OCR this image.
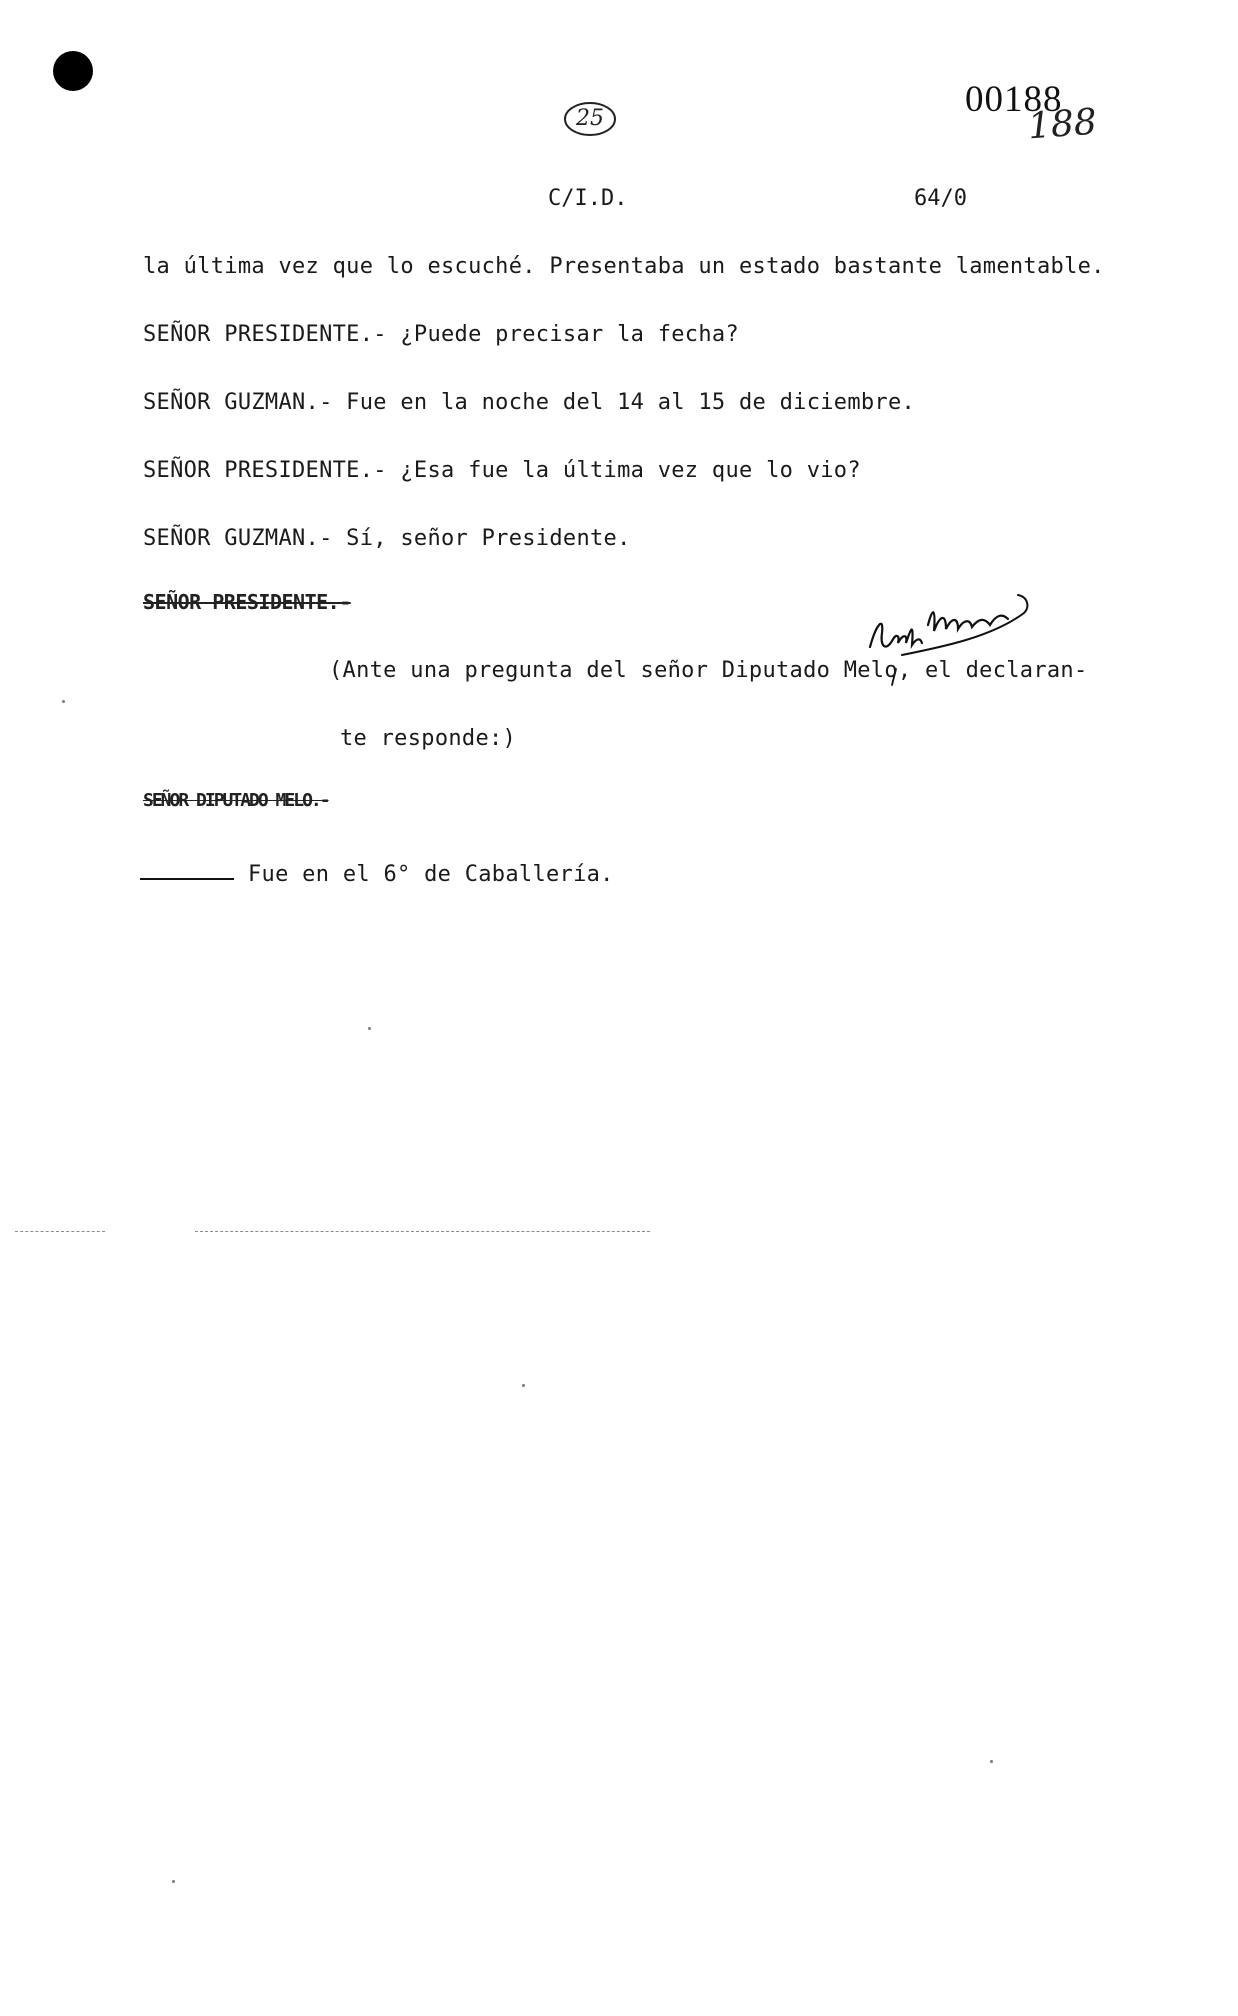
25	00188
188
C/I.D.	64/0
la última vez que lo escuché. Presentaba un estado bastante lamentable.
SEÑOR PRESIDENTE.- ¿Puede precisar la fecha?
SEÑOR GUZMAN.- Fue en la noche del 14 al 15 de diciembre.
SEÑOR PRESIDENTE.- ¿Esa fue la última vez que lo vio?
SEÑOR GUZMAN.- Sí, señor Presidente.
SEÑOR PRESIDENTE.-
(Ante una pregunta del señor Diputado Melo, el declaran-
te responde:)
SEÑOR DIPUTADO MELO.-
Fue en el 6° de Caballería.
